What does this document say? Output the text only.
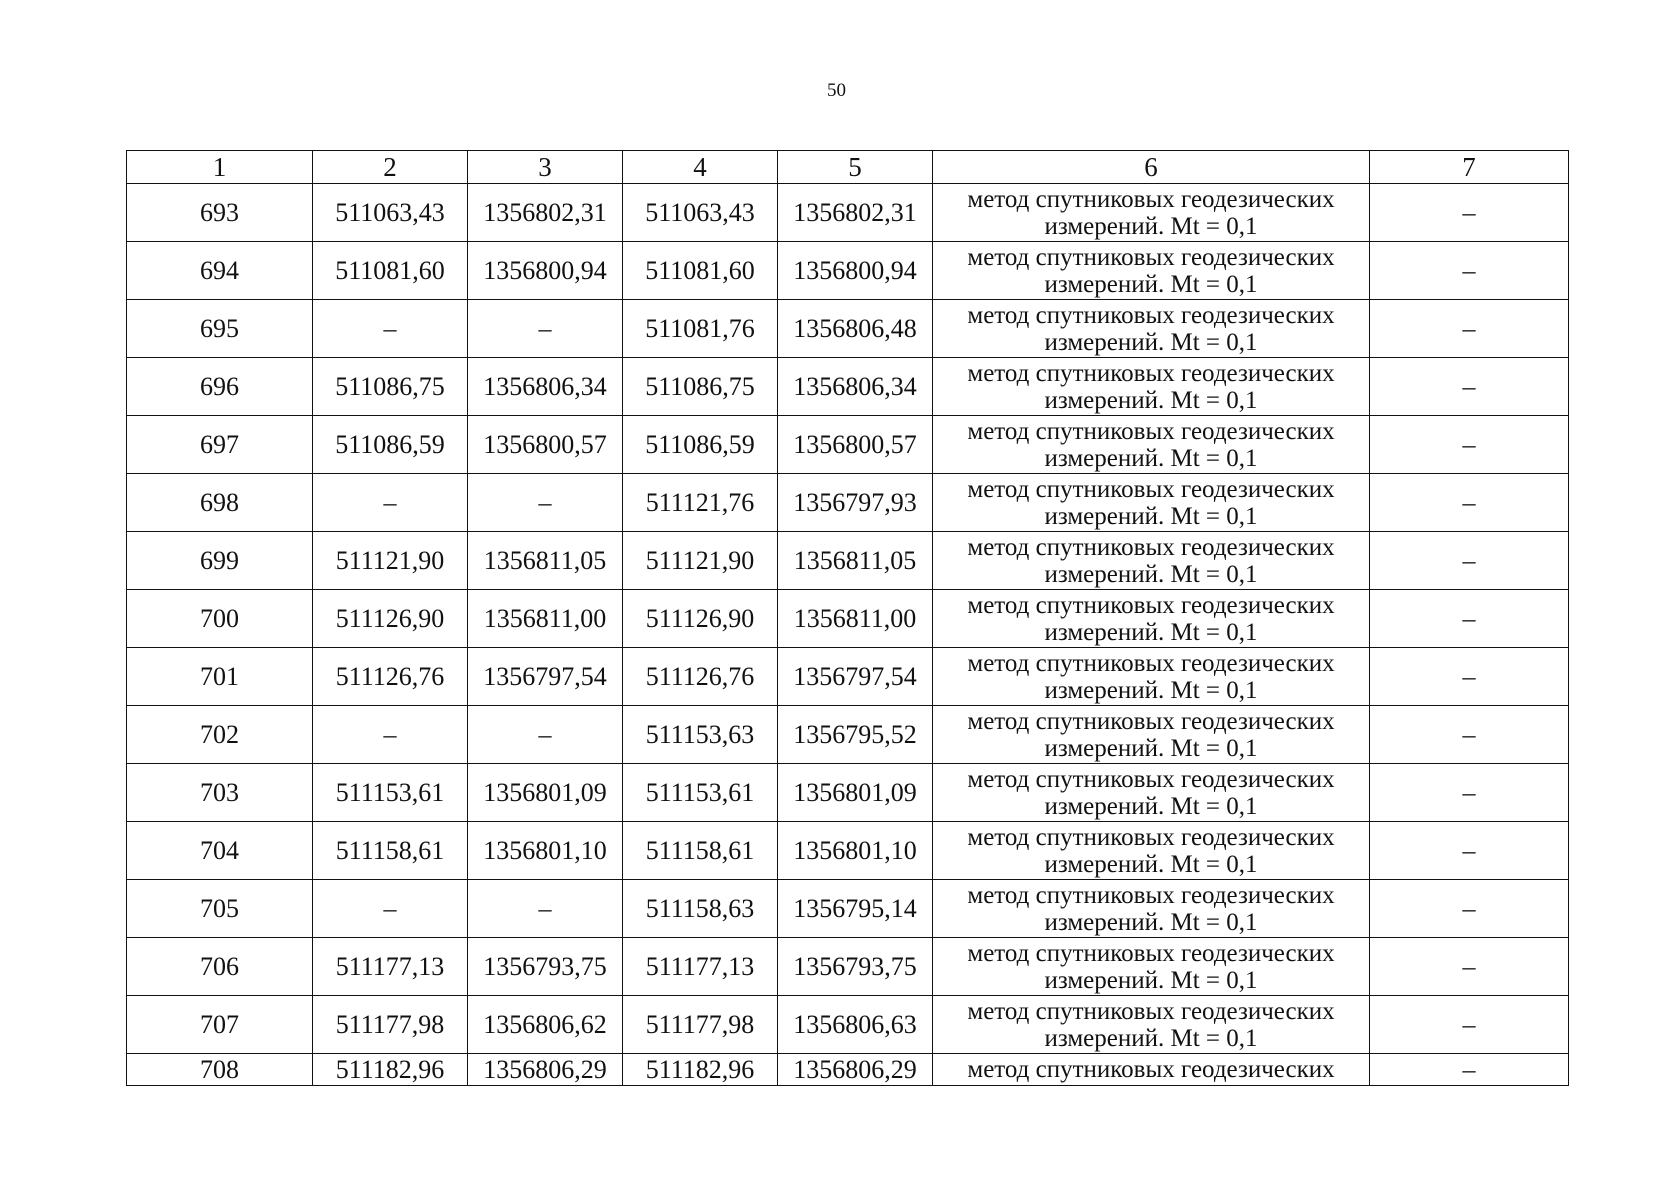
50
1	2	3	4	5	6	7
693	511063,43	1356802,31	511063,43	1356802,31	метод спутниковых геодезических
измерений. Mt = 0,1	–
694	511081,60	1356800,94	511081,60	1356800,94	метод спутниковых геодезических
измерений. Mt = 0,1	–
695	–	–	511081,76	1356806,48	метод спутниковых геодезических
измерений. Mt = 0,1	–
696	511086,75	1356806,34	511086,75	1356806,34	метод спутниковых геодезических
измерений. Mt = 0,1	–
697	511086,59	1356800,57	511086,59	1356800,57	метод спутниковых геодезических
измерений. Mt = 0,1	–
698	–	–	511121,76	1356797,93	метод спутниковых геодезических
измерений. Mt = 0,1	–
699	511121,90	1356811,05	511121,90	1356811,05	метод спутниковых геодезических
измерений. Mt = 0,1	–
700	511126,90	1356811,00	511126,90	1356811,00	метод спутниковых геодезических
измерений. Mt = 0,1	–
701	511126,76	1356797,54	511126,76	1356797,54	метод спутниковых геодезических
измерений. Mt = 0,1	–
702	–	–	511153,63	1356795,52	метод спутниковых геодезических
измерений. Mt = 0,1	–
703	511153,61	1356801,09	511153,61	1356801,09	метод спутниковых геодезических
измерений. Mt = 0,1	–
704	511158,61	1356801,10	511158,61	1356801,10	метод спутниковых геодезических
измерений. Mt = 0,1	–
705	–	–	511158,63	1356795,14	метод спутниковых геодезических
измерений. Mt = 0,1	–
706	511177,13	1356793,75	511177,13	1356793,75	метод спутниковых геодезических
измерений. Mt = 0,1	–
707	511177,98	1356806,62	511177,98	1356806,63	метод спутниковых геодезических
измерений. Mt = 0,1	–
708	511182,96	1356806,29	511182,96	1356806,29	метод спутниковых геодезических	–
